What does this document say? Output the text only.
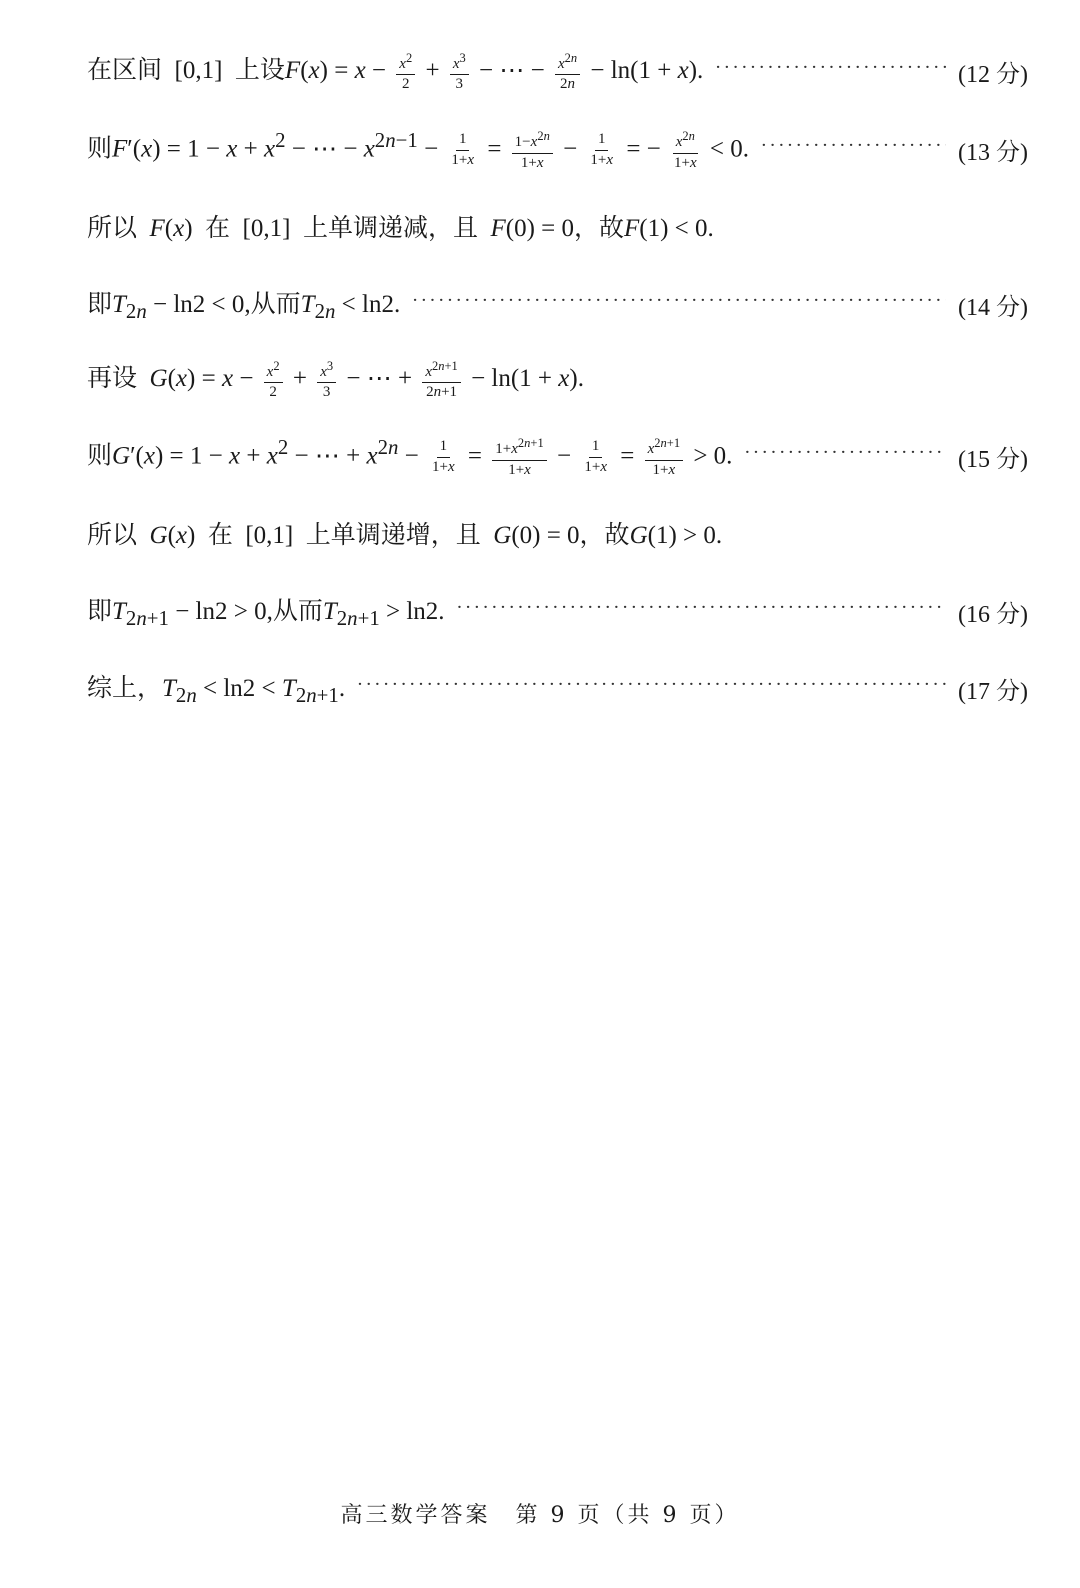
在区间  [0,1]  上设$F(x) = x - \frac{x^2}{2} + \frac{x^3}{3}$ − ⋯ − $\frac{x^{2n}}{2n} - \ln(1 + x)$. ·····	(12 分)
则$F'(x) = 1 - x + x^2$ − ⋯ − $x^{2n-1} - \frac{1}{1+x} = \frac{1-x^{2n}}{1+x} - \frac{1}{1+x}$ = − $\frac{x^{2n}}{1+x} < 0$. ·····	(13 分)
所以  F(x)  在  [0,1]  上单调递减，且  F(0) = 0，故F(1) < 0.
即$T_{2n} - \ln 2 < 0$,从而$T_{2n} < \ln 2$. ·····	(14 分)
再设  $G(x) = x - \frac{x^2}{2} + \frac{x^3}{3}$ − ⋯ + $\frac{x^{2n+1}}{2n+1} - \ln(1 + x)$.
则$G'(x) = 1 - x + x^2$ − ⋯ + $x^{2n} - \frac{1}{1+x} = \frac{1+x^{2n+1}}{1+x} - \frac{1}{1+x} = \frac{x^{2n+1}}{1+x} > 0$. ·····	(15 分)
所以  G(x)  在  [0,1]  上单调递增，且  G(0) = 0，故G(1) > 0.
即$T_{2n+1} - \ln 2 > 0$,从而$T_{2n+1} > \ln 2$. ·····	(16 分)
综上，$T_{2n} < \ln 2 < T_{2n+1}$. ·····	(17 分)
高三数学答案　第 9 页（共 9 页）
